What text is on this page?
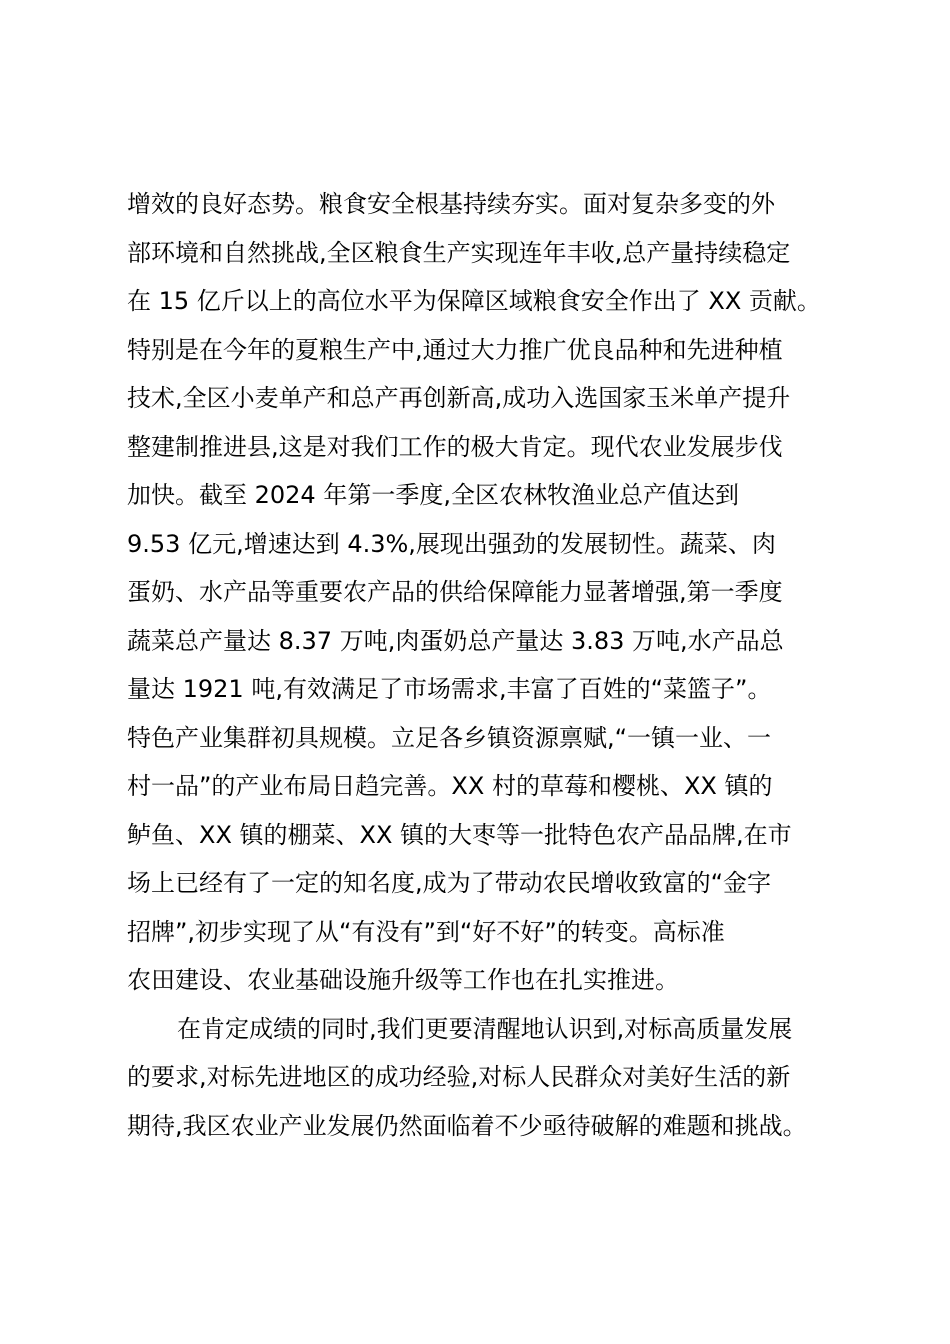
增效的良好态势。粮食安全根基持续夯实。面对复杂多变的外
部环境和自然挑战,全区粮食生产实现连年丰收,总产量持续稳定
在 15 亿斤以上的高位水平为保障区域粮食安全作出了 XX 贡献。
特别是在今年的夏粮生产中,通过大力推广优良品种和先进种植
技术,全区小麦单产和总产再创新高,成功入选国家玉米单产提升
整建制推进县,这是对我们工作的极大肯定。现代农业发展步伐
加快。截至 2024 年第一季度,全区农林牧渔业总产值达到
9.53 亿元,增速达到 4.3%,展现出强劲的发展韧性。蔬菜、肉
蛋奶、水产品等重要农产品的供给保障能力显著增强,第一季度
蔬菜总产量达 8.37 万吨,肉蛋奶总产量达 3.83 万吨,水产品总
量达 1921 吨,有效满足了市场需求,丰富了百姓的“菜篮子”。
特色产业集群初具规模。立足各乡镇资源禀赋,“一镇一业、一
村一品”的产业布局日趋完善。XX 村的草莓和樱桃、XX 镇的
鲈鱼、XX 镇的棚菜、XX 镇的大枣等一批特色农产品品牌,在市
场上已经有了一定的知名度,成为了带动农民增收致富的“金字
招牌”,初步实现了从“有没有”到“好不好”的转变。高标准
农田建设、农业基础设施升级等工作也在扎实推进。
在肯定成绩的同时,我们更要清醒地认识到,对标高质量发展
的要求,对标先进地区的成功经验,对标人民群众对美好生活的新
期待,我区农业产业发展仍然面临着不少亟待破解的难题和挑战。
